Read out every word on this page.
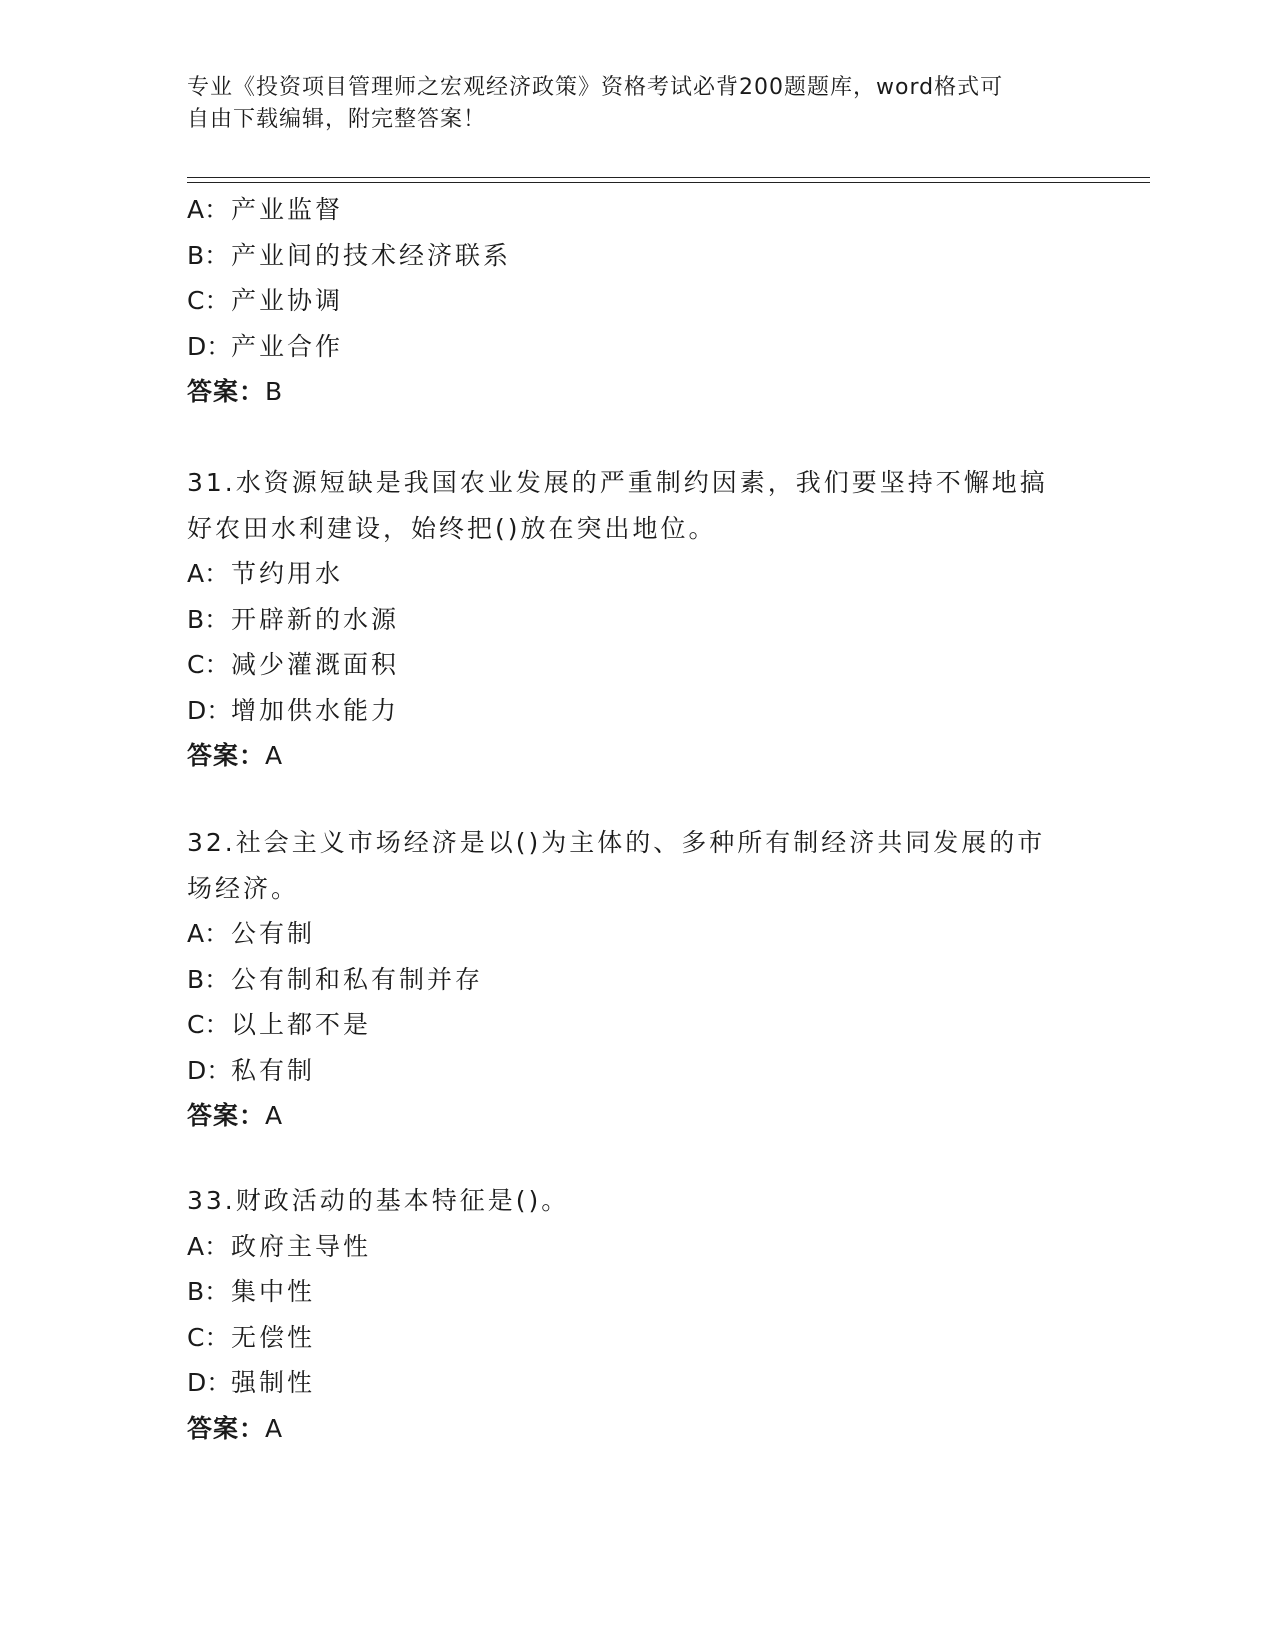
专业《投资项目管理师之宏观经济政策》资格考试必背200题题库，word格式可
自由下载编辑，附完整答案！
A：产业监督
B：产业间的技术经济联系
C：产业协调
D：产业合作
答案：B
31.水资源短缺是我国农业发展的严重制约因素，我们要坚持不懈地搞
好农田水利建设，始终把()放在突出地位。
A：节约用水
B：开辟新的水源
C：减少灌溉面积
D：增加供水能力
答案：A
32.社会主义市场经济是以()为主体的、多种所有制经济共同发展的市
场经济。
A：公有制
B：公有制和私有制并存
C：以上都不是
D：私有制
答案：A
33.财政活动的基本特征是()。
A：政府主导性
B：集中性
C：无偿性
D：强制性
答案：A
